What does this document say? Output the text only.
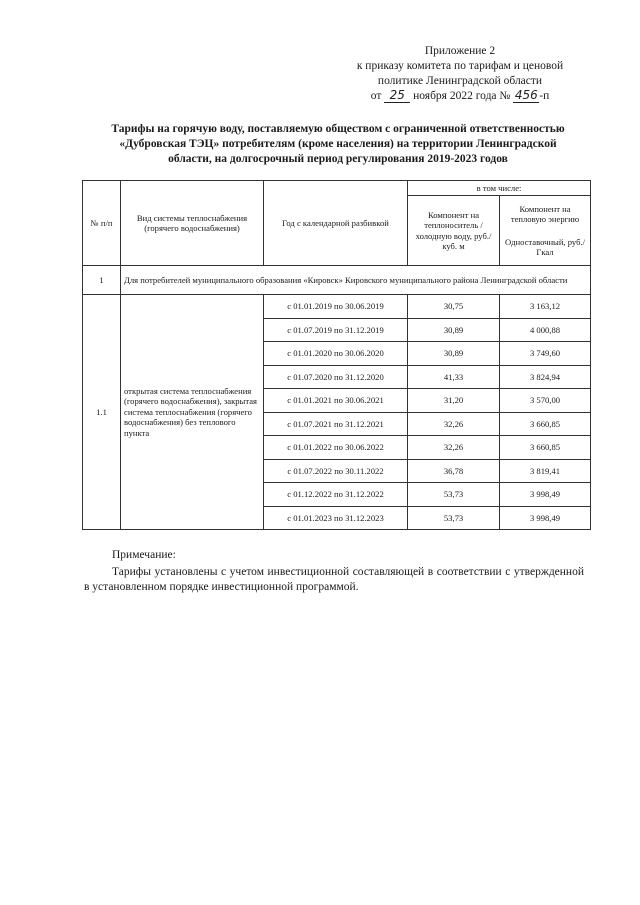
Приложение 2
к приказу комитета по тарифам и ценовой
политике Ленинградской области
от 25 ноября 2022 года № 456 -п
Тарифы на горячую воду, поставляемую обществом с ограниченной ответственностью
«Дубровская ТЭЦ» потребителям (кроме населения) на территории Ленинградской
области, на долгосрочный период регулирования 2019-2023 годов
№ п/п	Вид системы теплоснабжения (горячего водоснабжения)	Год с календарной разбивкой	в том числе:	
			Компонент на теплоноситель / холодную воду, руб./куб. м	Компонент на тепловую энергию
Одноставочный, руб./Гкал

1	Для потребителей муниципального образования «Кировск» Кировского муниципального района Ленинградской области			
1.1	открытая система теплоснабжения (горячего водоснабжения), закрытая система теплоснабжения (горячего водоснабжения) без теплового пункта	с 01.01.2019 по 30.06.2019	30,75	3 163,12
		с 01.07.2019 по 31.12.2019	30,89	4 000,88
		с 01.01.2020 по 30.06.2020	30,89	3 749,60
		с 01.07.2020 по 31.12.2020	41,33	3 824,94
		с 01.01.2021 по 30.06.2021	31,20	3 570,00
		с 01.07.2021 по 31.12.2021	32,26	3 660,85
		с 01.01.2022 по 30.06.2022	32,26	3 660,85
		с 01.07.2022 по 30.11.2022	36,78	3 819,41
		с 01.12.2022 по 31.12.2022	53,73	3 998,49
		с 01.01.2023 по 31.12.2023	53,73	3 998,49
Примечание:
Тарифы установлены с учетом инвестиционной составляющей в соответствии с утвержденной в установленном порядке инвестиционной программой.
